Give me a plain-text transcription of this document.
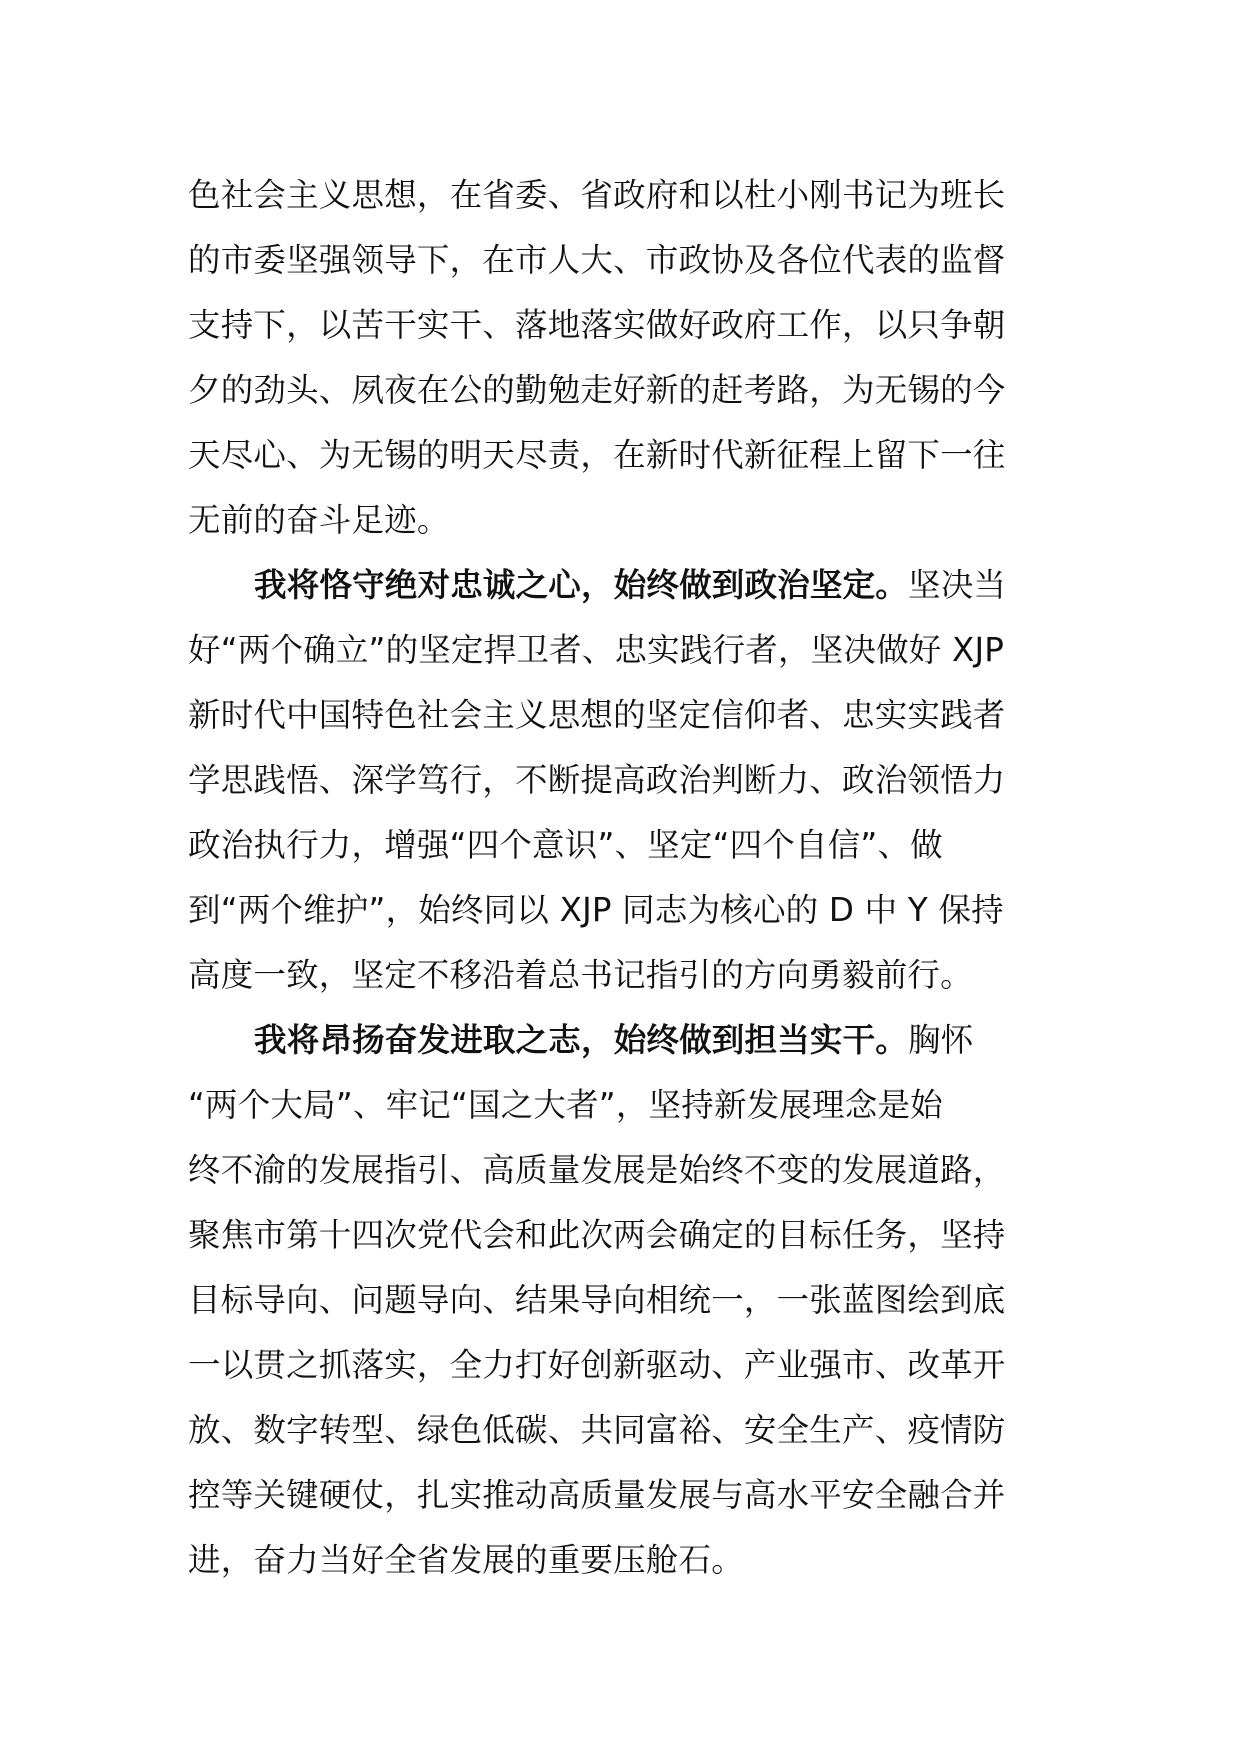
色社会主义思想，在省委、省政府和以杜小刚书记为班长
的市委坚强领导下，在市人大、市政协及各位代表的监督
支持下，以苦干实干、落地落实做好政府工作，以只争朝
夕的劲头、夙夜在公的勤勉走好新的赶考路，为无锡的今
天尽心、为无锡的明天尽责，在新时代新征程上留下一往
无前的奋斗足迹。
我将恪守绝对忠诚之心，始终做到政治坚定。坚决当
好“两个确立”的坚定捍卫者、忠实践行者，坚决做好 XJP
新时代中国特色社会主义思想的坚定信仰者、忠实实践者
学思践悟、深学笃行，不断提高政治判断力、政治领悟力
政治执行力，增强“四个意识”、坚定“四个自信”、做
到“两个维护”，始终同以 XJP 同志为核心的 D 中 Y 保持
高度一致，坚定不移沿着总书记指引的方向勇毅前行。
我将昂扬奋发进取之志，始终做到担当实干。胸怀
“两个大局”、牢记“国之大者”，坚持新发展理念是始
终不渝的发展指引、高质量发展是始终不变的发展道路，
聚焦市第十四次党代会和此次两会确定的目标任务，坚持
目标导向、问题导向、结果导向相统一，一张蓝图绘到底
一以贯之抓落实，全力打好创新驱动、产业强市、改革开
放、数字转型、绿色低碳、共同富裕、安全生产、疫情防
控等关键硬仗，扎实推动高质量发展与高水平安全融合并
进，奋力当好全省发展的重要压舱石。
